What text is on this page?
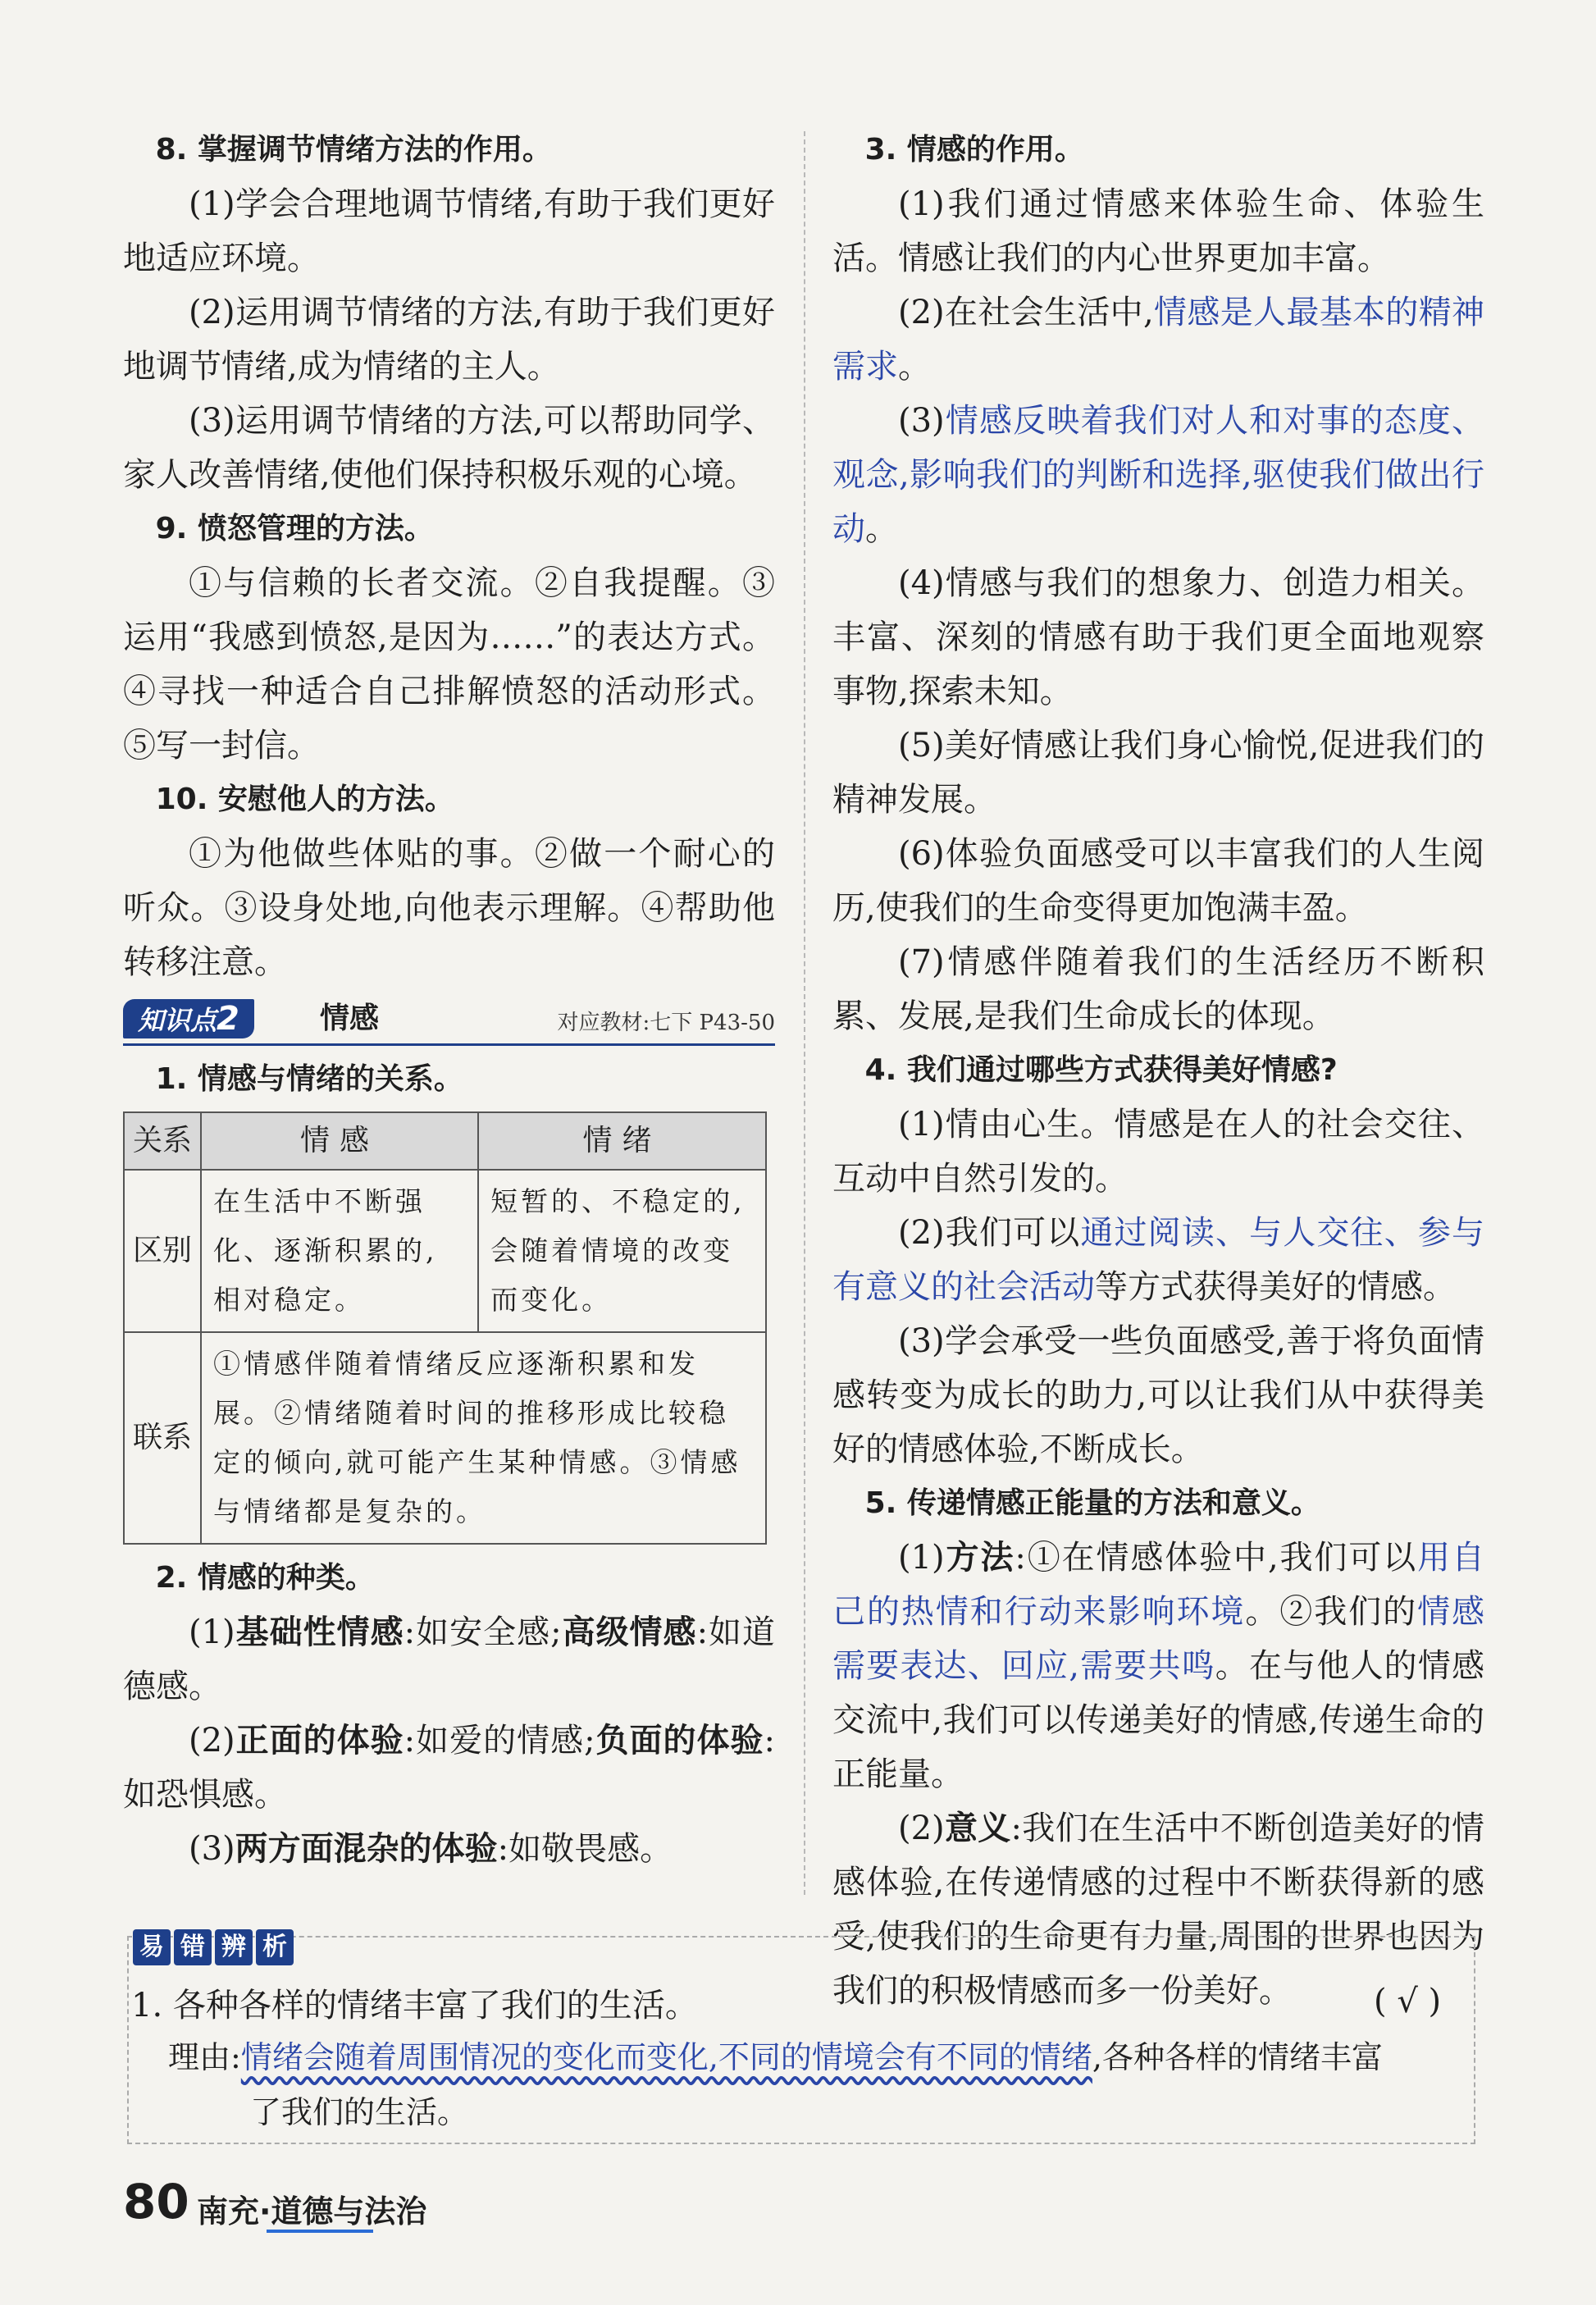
8. 掌握调节情绪方法的作用。

(1)学会合理地调节情绪,有助于我们更好地适应环境。

(2)运用调节情绪的方法,有助于我们更好地调节情绪,成为情绪的主人。

(3)运用调节情绪的方法,可以帮助同学、家人改善情绪,使他们保持积极乐观的心境。

9. 愤怒管理的方法。

①与信赖的长者交流。②自我提醒。③运用“我感到愤怒,是因为……”的表达方式。④寻找一种适合自己排解愤怒的活动形式。⑤写一封信。

10. 安慰他人的方法。

①为他做些体贴的事。②做一个耐心的听众。③设身处地,向他表示理解。④帮助他转移注意。

知识点2	情感	对应教材:七下 P43-50

1. 情感与情绪的关系。

关系	情感	情绪
区别	在生活中不断强化、逐渐积累的,相对稳定。	短暂的、不稳定的,会随着情境的改变而变化。
联系	①情感伴随着情绪反应逐渐积累和发展。②情绪随着时间的推移形成比较稳定的倾向,就可能产生某种情感。③情感与情绪都是复杂的。	

2. 情感的种类。

(1)基础性情感:如安全感;高级情感:如道德感。

(2)正面的体验:如爱的情感;负面的体验:如恐惧感。

(3)两方面混杂的体验:如敬畏感。

3. 情感的作用。

(1)我们通过情感来体验生命、体验生活。情感让我们的内心世界更加丰富。

(2)在社会生活中,情感是人最基本的精神需求。

(3)情感反映着我们对人和对事的态度、观念,影响我们的判断和选择,驱使我们做出行动。

(4)情感与我们的想象力、创造力相关。丰富、深刻的情感有助于我们更全面地观察事物,探索未知。

(5)美好情感让我们身心愉悦,促进我们的精神发展。

(6)体验负面感受可以丰富我们的人生阅历,使我们的生命变得更加饱满丰盈。

(7)情感伴随着我们的生活经历不断积累、发展,是我们生命成长的体现。

4. 我们通过哪些方式获得美好情感?

(1)情由心生。情感是在人的社会交往、互动中自然引发的。

(2)我们可以通过阅读、与人交往、参与有意义的社会活动等方式获得美好的情感。

(3)学会承受一些负面感受,善于将负面情感转变为成长的助力,可以让我们从中获得美好的情感体验,不断成长。

5. 传递情感正能量的方法和意义。

(1)方法:①在情感体验中,我们可以用自己的热情和行动来影响环境。②我们的情感需要表达、回应,需要共鸣。在与他人的情感交流中,我们可以传递美好的情感,传递生命的正能量。

(2)意义:我们在生活中不断创造美好的情感体验,在传递情感的过程中不断获得新的感受,使我们的生命更有力量,周围的世界也因为我们的积极情感而多一份美好。

易 错 辨 析
1. 各种各样的情绪丰富了我们的生活。	( √ )
理由:情绪会随着周围情况的变化而变化,不同的情境会有不同的情绪,各种各样的情绪丰富
了我们的生活。
80 南充·道德与法治
